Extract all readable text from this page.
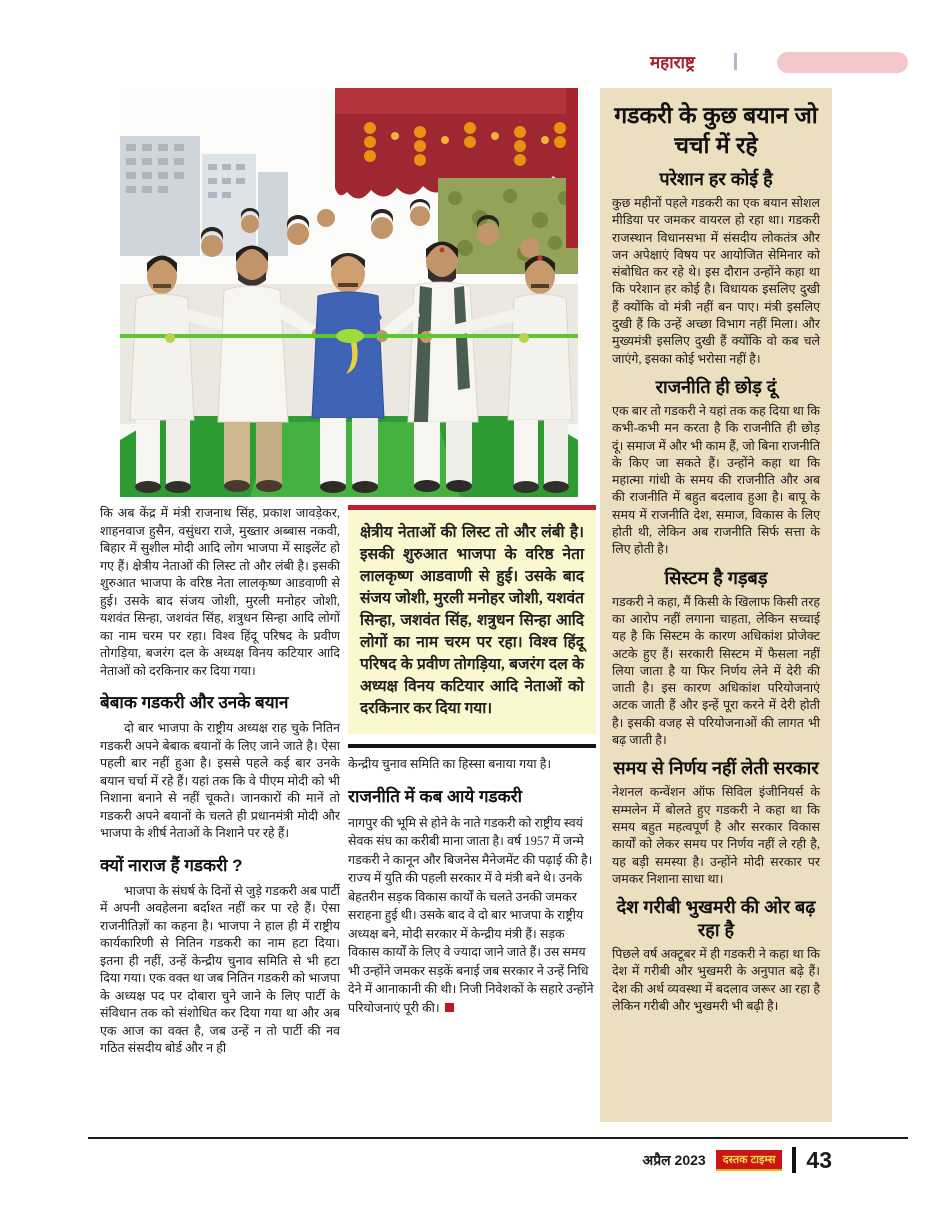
महाराष्ट्र

कि अब केंद्र में मंत्री राजनाथ सिंह, प्रकाश जावड़ेकर, शाहनवाज हुसैन, वसुंधरा राजे, मुख्तार अब्बास नकवी, बिहार में सुशील मोदी आदि लोग भाजपा में साइलेंट हो गए हैं। क्षेत्रीय नेताओं की लिस्ट तो और लंबी है। इसकी शुरुआत भाजपा के वरिष्ठ नेता लालकृष्ण आडवाणी से हुई। उसके बाद संजय जोशी, मुरली मनोहर जोशी, यशवंत सिन्हा, जशवंत सिंह, शत्रुधन सिन्हा आदि लोगों का नाम चरम पर रहा। विश्व हिंदू परिषद के प्रवीण तोगड़िया, बजरंग दल के अध्यक्ष विनय कटियार आदि नेताओं को दरकिनार कर दिया गया।

बेबाक गडकरी और उनके बयान

दो बार भाजपा के राष्ट्रीय अध्यक्ष राह चुके नितिन गडकरी अपने बेबाक बयानों के लिए जाने जाते है। ऐसा पहली बार नहीं हुआ है। इससे पहले कई बार उनके बयान चर्चा में रहे हैं। यहां तक कि वे पीएम मोदी को भी निशाना बनाने से नहीं चूकते। जानकारों की मानें तो गडकरी अपने बयानों के चलते ही प्रधानमंत्री मोदी और भाजपा के शीर्ष नेताओं के निशाने पर रहे हैं।

क्यों नाराज हैं गडकरी ?

भाजपा के संघर्ष के दिनों से जुड़े गडकरी अब पार्टी में अपनी अवहेलना बर्दाश्त नहीं कर पा रहे हैं। ऐसा राजनीतिज्ञों का कहना है। भाजपा ने हाल ही में राष्ट्रीय कार्यकारिणी से नितिन गडकरी का नाम हटा दिया। इतना ही नहीं, उन्हें केन्द्रीय चुनाव समिति से भी हटा दिया गया। एक वक्त था जब नितिन गडकरी को भाजपा के अध्यक्ष पद पर दोबारा चुने जाने के लिए पार्टी के संविधान तक को संशोधित कर दिया गया था और अब एक आज का वक्त है, जब उन्हें न तो पार्टी की नव गठित संसदीय बोर्ड और न ही

क्षेत्रीय नेताओं की लिस्ट तो और लंबी है। इसकी शुरुआत भाजपा के वरिष्ठ नेता लालकृष्ण आडवाणी से हुई। उसके बाद संजय जोशी, मुरली मनोहर जोशी, यशवंत सिन्हा, जशवंत सिंह, शत्रुधन सिन्हा आदि लोगों का नाम चरम पर रहा। विश्व हिंदू परिषद के प्रवीण तोगड़िया, बजरंग दल के अध्यक्ष विनय कटियार आदि नेताओं को दरकिनार कर दिया गया।

केन्द्रीय चुनाव समिति का हिस्सा बनाया गया है।

राजनीति में कब आये गडकरी

नागपुर की भूमि से होने के नाते गडकरी को राष्ट्रीय स्वयं सेवक संघ का करीबी माना जाता है। वर्ष 1957 में जन्मे गडकरी ने कानून और बिजनेस मैनेजमेंट की पढ़ाई की है। राज्य में युति की पहली सरकार में वे मंत्री बने थे। उनके बेहतरीन सड़क विकास कार्यों के चलते उनकी जमकर सराहना हुई थी। उसके बाद वे दो बार भाजपा के राष्ट्रीय अध्यक्ष बने, मोदी सरकार में केन्द्रीय मंत्री हैं। सड़क विकास कार्यों के लिए वे ज्यादा जाने जाते हैं। उस समय भी उन्होंने जमकर सड़कें बनाई जब सरकार ने उन्हें निधि देने में आनाकानी की थी। निजी निवेशकों के सहारे उन्होंने परियोजनाएं पूरी की।

गडकरी के कुछ बयान जो चर्चा में रहे
परेशान हर कोई है

कुछ महीनों पहले गडकरी का एक बयान सोशल मीडिया पर जमकर वायरल हो रहा था। गडकरी राजस्थान विधानसभा में संसदीय लोकतंत्र और जन अपेक्षाएं विषय पर आयोजित सेमिनार को संबोधित कर रहे थे। इस दौरान उन्होंने कहा था कि परेशान हर कोई है। विधायक इसलिए दुखी हैं क्योंकि वो मंत्री नहीं बन पाए। मंत्री इसलिए दुखी हैं कि उन्हें अच्छा विभाग नहीं मिला। और मुख्यमंत्री इसलिए दुखी हैं क्योंकि वो कब चले जाएंगे, इसका कोई भरोसा नहीं है।

राजनीति ही छोड़ दूं

एक बार तो गडकरी ने यहां तक कह दिया था कि कभी-कभी मन करता है कि राजनीति ही छोड़ दूं। समाज में और भी काम हैं, जो बिना राजनीति के किए जा सकते हैं। उन्होंने कहा था कि महात्मा गांधी के समय की राजनीति और अब की राजनीति में बहुत बदलाव हुआ है। बापू के समय में राजनीति देश, समाज, विकास के लिए होती थी, लेकिन अब राजनीति सिर्फ सत्ता के लिए होती है।

सिस्टम है गड़बड़

गडकरी ने कहा, मैं किसी के खिलाफ किसी तरह का आरोप नहीं लगाना चाहता, लेकिन सच्चाई यह है कि सिस्टम के कारण अधिकांश प्रोजेक्ट अटके हुए हैं। सरकारी सिस्टम में फैसला नहीं लिया जाता है या फिर निर्णय लेने में देरी की जाती है। इस कारण अधिकांश परियोजनाएं अटक जाती हैं और इन्हें पूरा करने में देरी होती है। इसकी वजह से परियोजनाओं की लागत भी बढ़ जाती है।

समय से निर्णय नहीं लेती सरकार

नेशनल कन्वेंशन ऑफ सिविल इंजीनियर्स के सम्मलेन में बोलते हुए गडकरी ने कहा था कि समय बहुत महत्वपूर्ण है और सरकार विकास कार्यों को लेकर समय पर निर्णय नहीं ले रही है, यह बड़ी समस्या है। उन्होंने मोदी सरकार पर जमकर निशाना साधा था।

देश गरीबी भुखमरी की ओर बढ़ रहा है

पिछले वर्ष अक्टूबर में ही गडकरी ने कहा था कि देश में गरीबी और भुखमरी के अनुपात बढ़े हैं। देश की अर्थ व्यवस्था में बदलाव जरूर आ रहा है लेकिन गरीबी और भुखमरी भी बढ़ी है।

अप्रैल 2023	दस्तक टाइम्स	43
